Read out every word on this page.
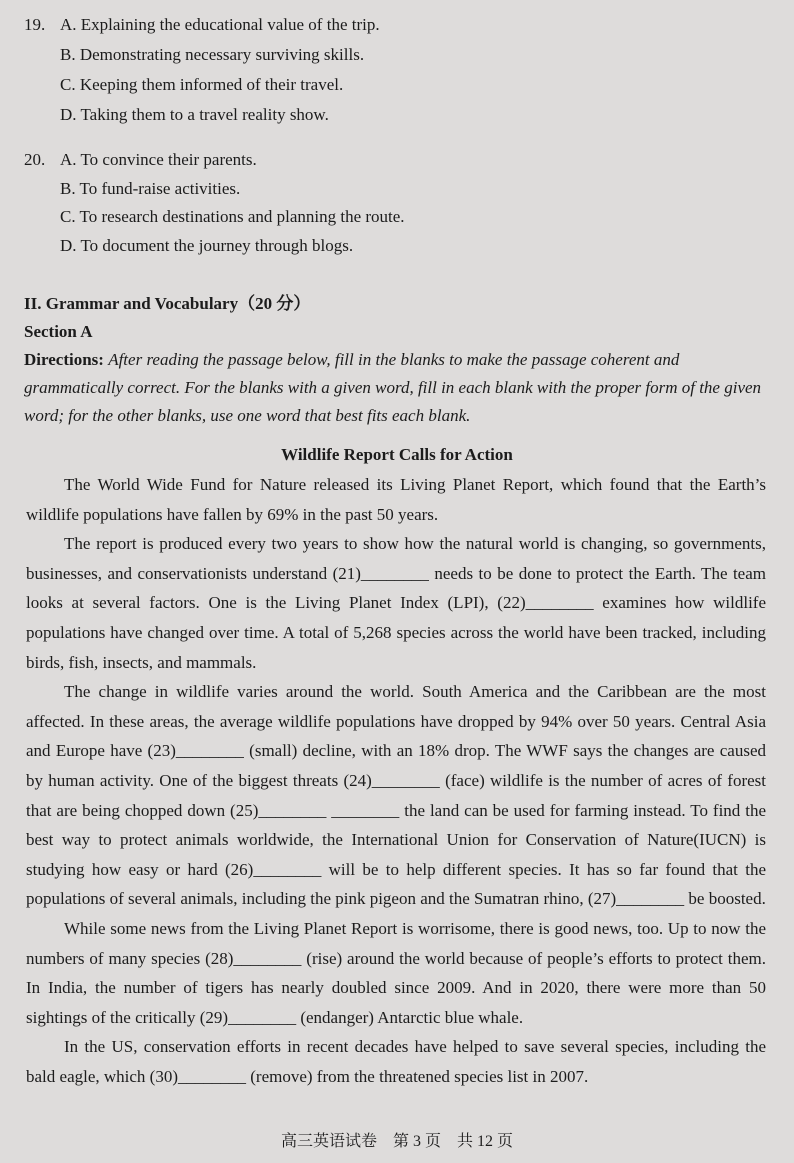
19. A. Explaining the educational value of the trip.
B. Demonstrating necessary surviving skills.
C. Keeping them informed of their travel.
D. Taking them to a travel reality show.
20. A. To convince their parents.
B. To fund-raise activities.
C. To research destinations and planning the route.
D. To document the journey through blogs.
II. Grammar and Vocabulary（20 分）
Section A
Directions: After reading the passage below, fill in the blanks to make the passage coherent and grammatically correct. For the blanks with a given word, fill in each blank with the proper form of the given word; for the other blanks, use one word that best fits each blank.
Wildlife Report Calls for Action

The World Wide Fund for Nature released its Living Planet Report, which found that the Earth’s wildlife populations have fallen by 69% in the past 50 years.

The report is produced every two years to show how the natural world is changing, so governments, businesses, and conservationists understand (21)________ needs to be done to protect the Earth. The team looks at several factors. One is the Living Planet Index (LPI), (22)________ examines how wildlife populations have changed over time. A total of 5,268 species across the world have been tracked, including birds, fish, insects, and mammals.

The change in wildlife varies around the world. South America and the Caribbean are the most affected. In these areas, the average wildlife populations have dropped by 94% over 50 years. Central Asia and Europe have (23)________ (small) decline, with an 18% drop. The WWF says the changes are caused by human activity. One of the biggest threats (24)________ (face) wildlife is the number of acres of forest that are being chopped down (25)________ ________ the land can be used for farming instead. To find the best way to protect animals worldwide, the International Union for Conservation of Nature(IUCN) is studying how easy or hard (26)________ will be to help different species. It has so far found that the populations of several animals, including the pink pigeon and the Sumatran rhino, (27)________ be boosted.

While some news from the Living Planet Report is worrisome, there is good news, too. Up to now the numbers of many species (28)________ (rise) around the world because of people’s efforts to protect them. In India, the number of tigers has nearly doubled since 2009. And in 2020, there were more than 50 sightings of the critically (29)________ (endanger) Antarctic blue whale.

In the US, conservation efforts in recent decades have helped to save several species, including the bald eagle, which (30)________ (remove) from the threatened species list in 2007.

高三英语试卷　第 3 页　共 12 页
